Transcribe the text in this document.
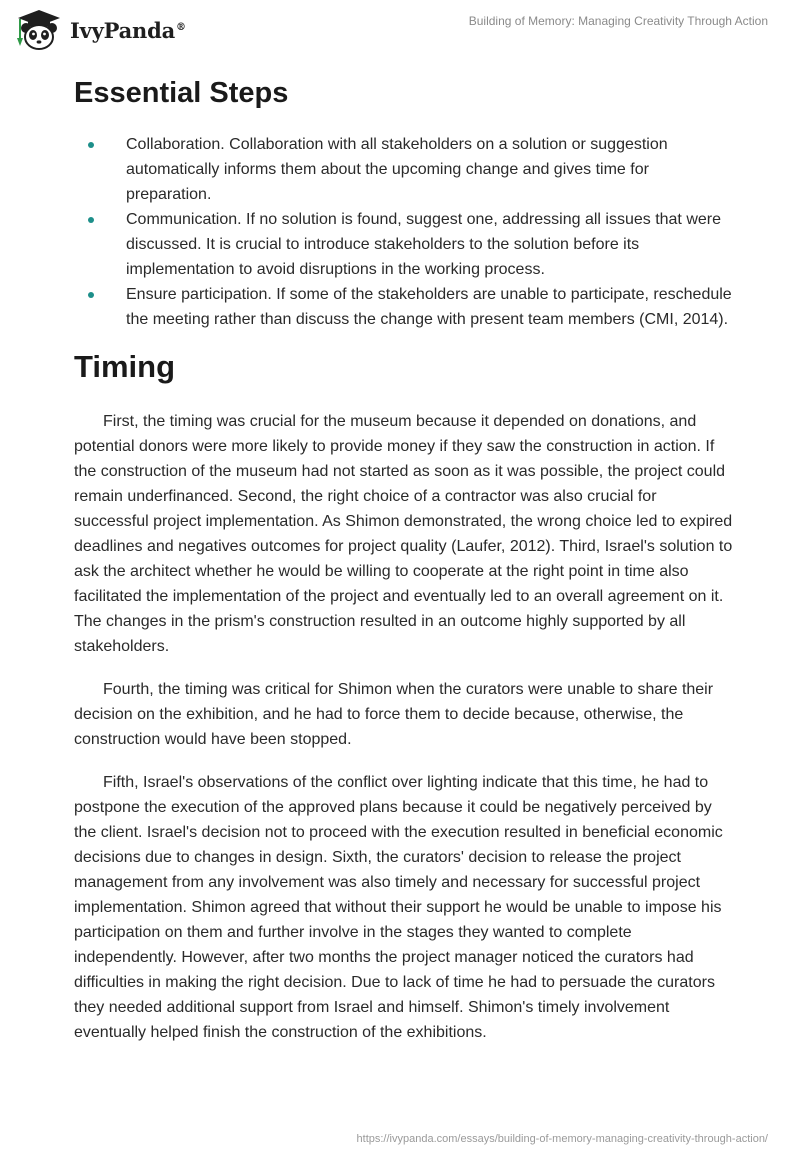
IvyPanda®	Building of Memory: Managing Creativity Through Action
Essential Steps
Collaboration. Collaboration with all stakeholders on a solution or suggestion automatically informs them about the upcoming change and gives time for preparation.
Communication. If no solution is found, suggest one, addressing all issues that were discussed. It is crucial to introduce stakeholders to the solution before its implementation to avoid disruptions in the working process.
Ensure participation. If some of the stakeholders are unable to participate, reschedule the meeting rather than discuss the change with present team members (CMI, 2014).
Timing

First, the timing was crucial for the museum because it depended on donations, and potential donors were more likely to provide money if they saw the construction in action. If the construction of the museum had not started as soon as it was possible, the project could remain underfinanced. Second, the right choice of a contractor was also crucial for successful project implementation. As Shimon demonstrated, the wrong choice led to expired deadlines and negatives outcomes for project quality (Laufer, 2012). Third, Israel's solution to ask the architect whether he would be willing to cooperate at the right point in time also facilitated the implementation of the project and eventually led to an overall agreement on it. The changes in the prism's construction resulted in an outcome highly supported by all stakeholders.

Fourth, the timing was critical for Shimon when the curators were unable to share their decision on the exhibition, and he had to force them to decide because, otherwise, the construction would have been stopped.

Fifth, Israel's observations of the conflict over lighting indicate that this time, he had to postpone the execution of the approved plans because it could be negatively perceived by the client. Israel's decision not to proceed with the execution resulted in beneficial economic decisions due to changes in design. Sixth, the curators' decision to release the project management from any involvement was also timely and necessary for successful project implementation. Shimon agreed that without their support he would be unable to impose his participation on them and further involve in the stages they wanted to complete independently. However, after two months the project manager noticed the curators had difficulties in making the right decision. Due to lack of time he had to persuade the curators they needed additional support from Israel and himself. Shimon's timely involvement eventually helped finish the construction of the exhibitions.

https://ivypanda.com/essays/building-of-memory-managing-creativity-through-action/
